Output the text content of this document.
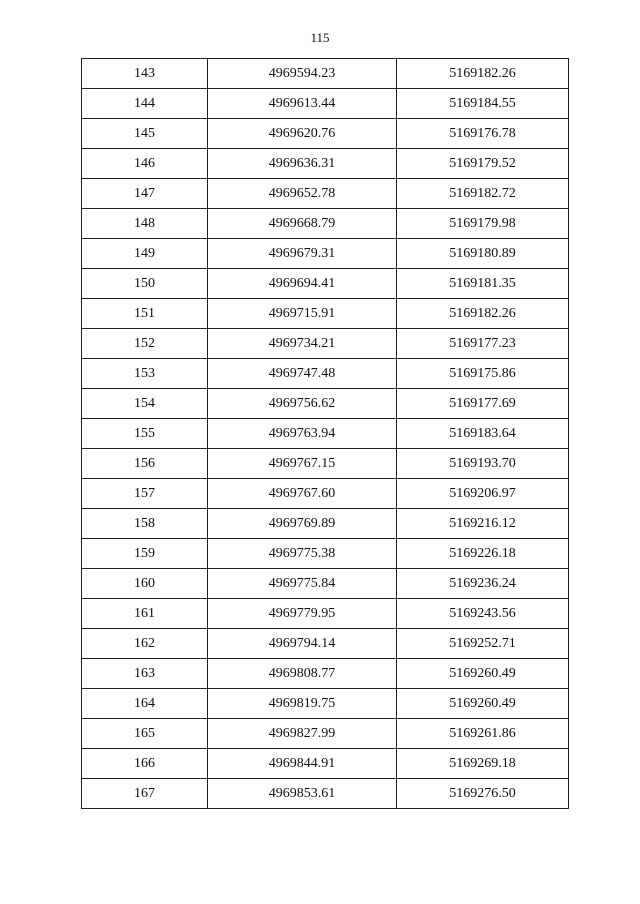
115
143	4969594.23	5169182.26
144	4969613.44	5169184.55
145	4969620.76	5169176.78
146	4969636.31	5169179.52
147	4969652.78	5169182.72
148	4969668.79	5169179.98
149	4969679.31	5169180.89
150	4969694.41	5169181.35
151	4969715.91	5169182.26
152	4969734.21	5169177.23
153	4969747.48	5169175.86
154	4969756.62	5169177.69
155	4969763.94	5169183.64
156	4969767.15	5169193.70
157	4969767.60	5169206.97
158	4969769.89	5169216.12
159	4969775.38	5169226.18
160	4969775.84	5169236.24
161	4969779.95	5169243.56
162	4969794.14	5169252.71
163	4969808.77	5169260.49
164	4969819.75	5169260.49
165	4969827.99	5169261.86
166	4969844.91	5169269.18
167	4969853.61	5169276.50
